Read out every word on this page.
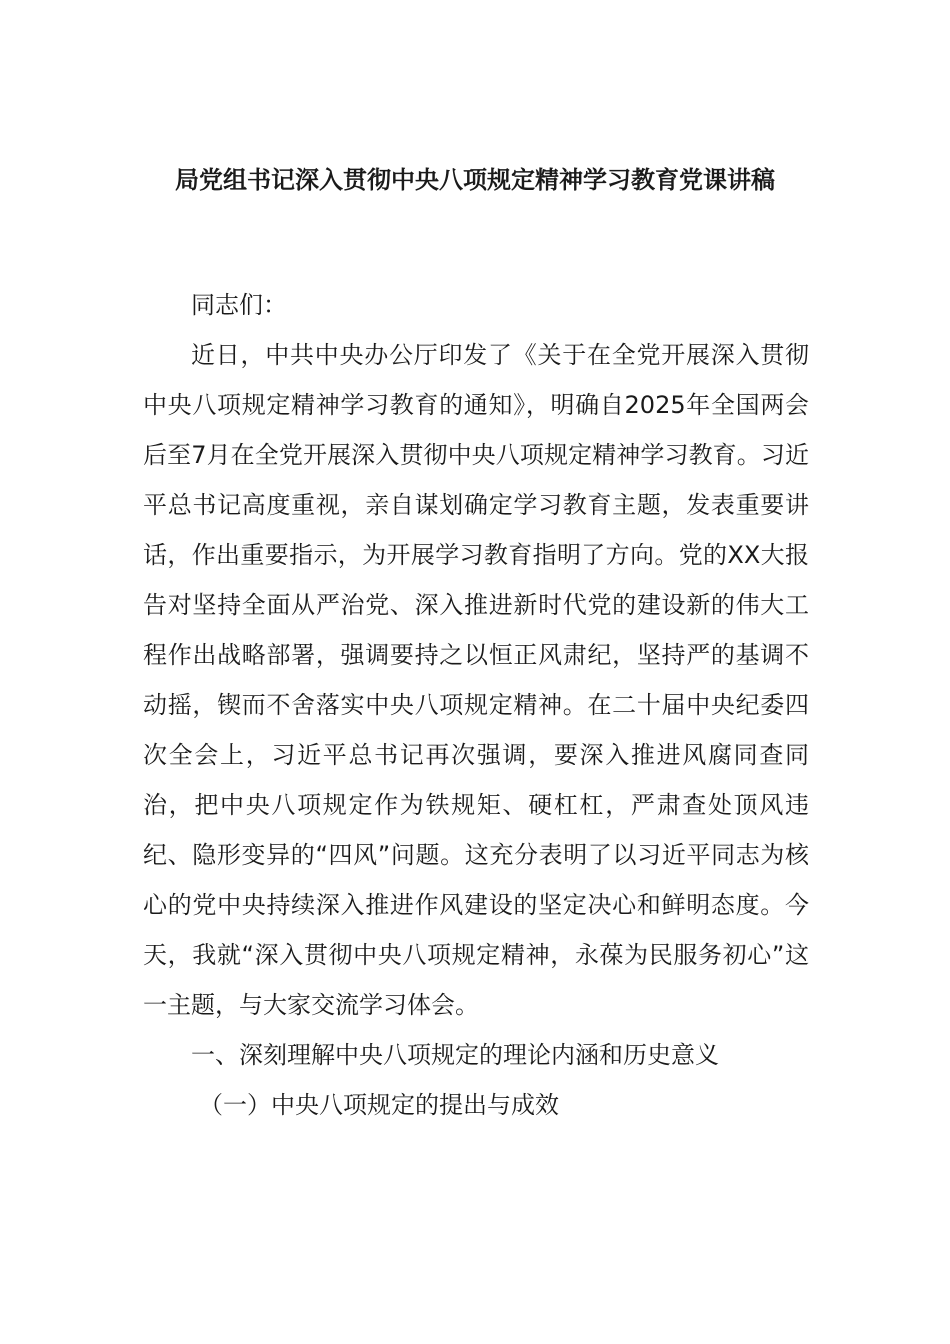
局党组书记深入贯彻中央八项规定精神学习教育党课讲稿

同志们：

近日，中共中央办公厅印发了《关于在全党开展深入贯彻中央八项规定精神学习教育的通知》，明确自2025年全国两会后至7月在全党开展深入贯彻中央八项规定精神学习教育。习近平总书记高度重视，亲自谋划确定学习教育主题，发表重要讲话，作出重要指示，为开展学习教育指明了方向。党的XX大报告对坚持全面从严治党、深入推进新时代党的建设新的伟大工程作出战略部署，强调要持之以恒正风肃纪，坚持严的基调不动摇，锲而不舍落实中央八项规定精神。在二十届中央纪委四次全会上，习近平总书记再次强调，要深入推进风腐同查同治，把中央八项规定作为铁规矩、硬杠杠，严肃查处顶风违纪、隐形变异的“四风”问题。这充分表明了以习近平同志为核心的党中央持续深入推进作风建设的坚定决心和鲜明态度。今天，我就“深入贯彻中央八项规定精神，永葆为民服务初心”这一主题，与大家交流学习体会。

一、深刻理解中央八项规定的理论内涵和历史意义

（一）中央八项规定的提出与成效
